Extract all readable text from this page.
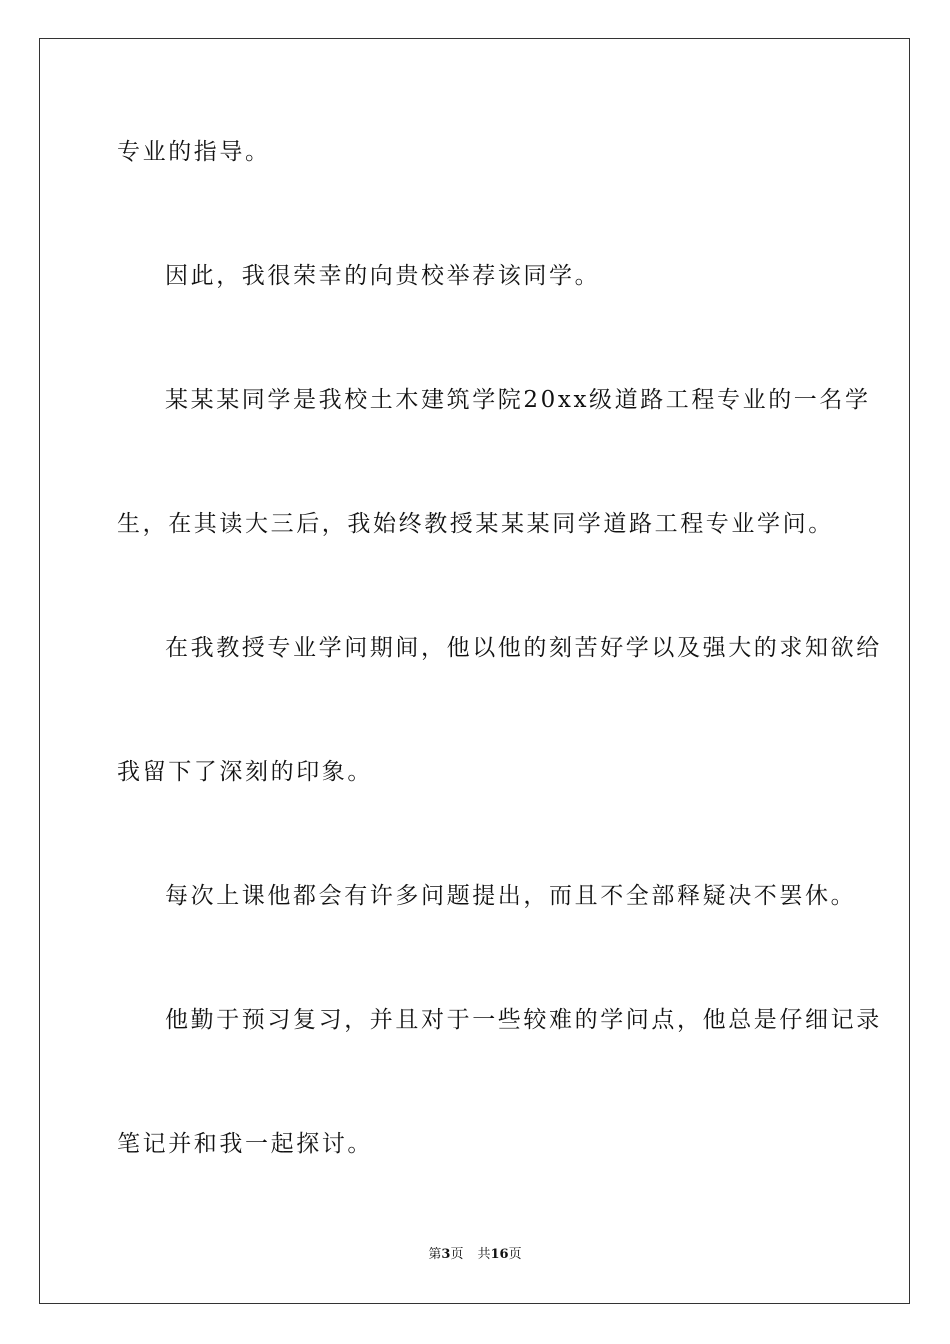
专业的指导。
因此，我很荣幸的向贵校举荐该同学。
某某某同学是我校土木建筑学院20xx级道路工程专业的一名学
生，在其读大三后，我始终教授某某某同学道路工程专业学问。
在我教授专业学问期间，他以他的刻苦好学以及强大的求知欲给
我留下了深刻的印象。
每次上课他都会有许多问题提出，而且不全部释疑决不罢休。
他勤于预习复习，并且对于一些较难的学问点，他总是仔细记录
笔记并和我一起探讨。
第3页 共16页
